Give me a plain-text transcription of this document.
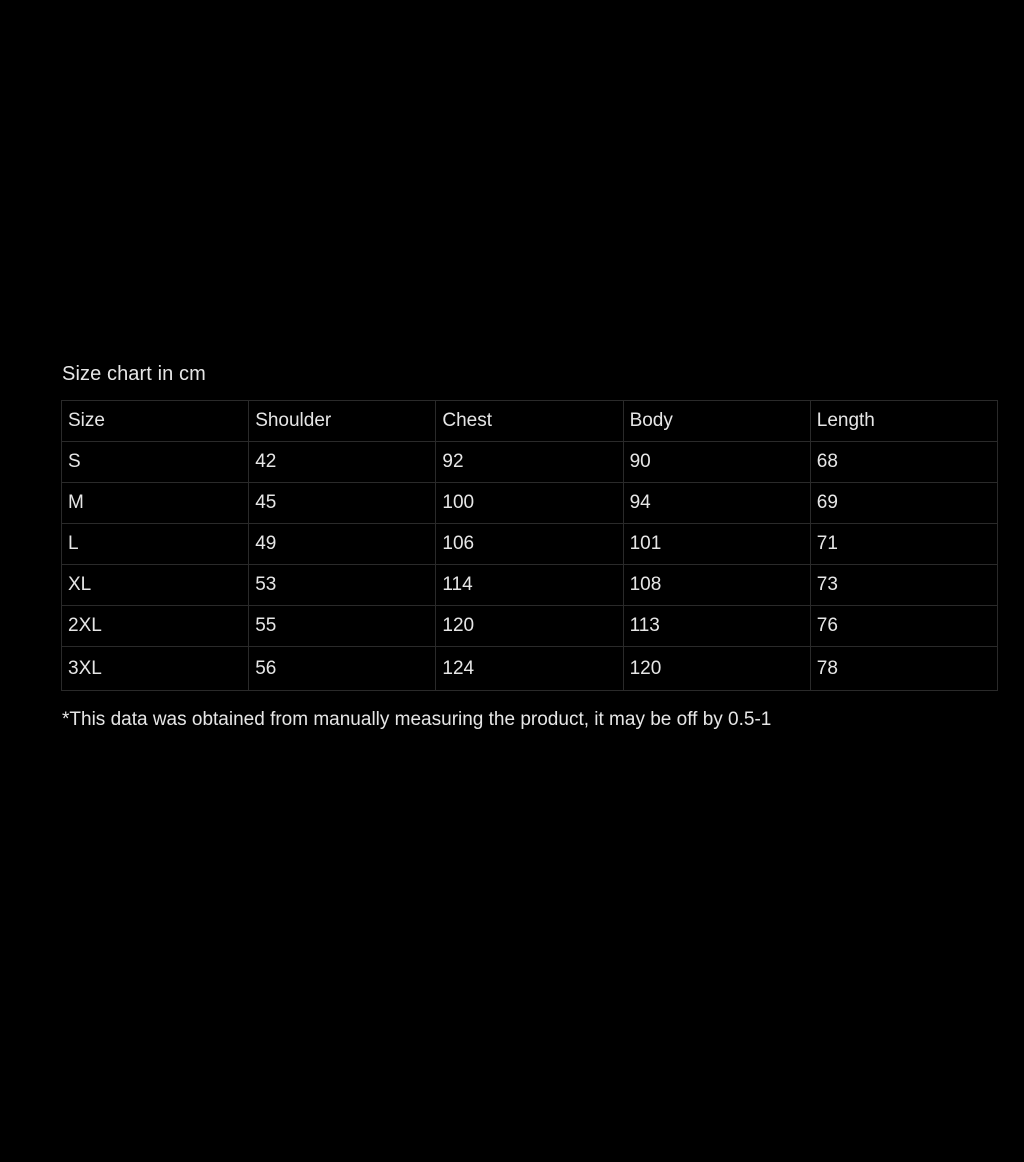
Size chart in cm
Size	Shoulder	Chest	Body	Length
S	42	92	90	68
M	45	100	94	69
L	49	106	101	71
XL	53	114	108	73
2XL	55	120	113	76
3XL	56	124	120	78
*This data was obtained from manually measuring the product, it may be off by 0.5-1
